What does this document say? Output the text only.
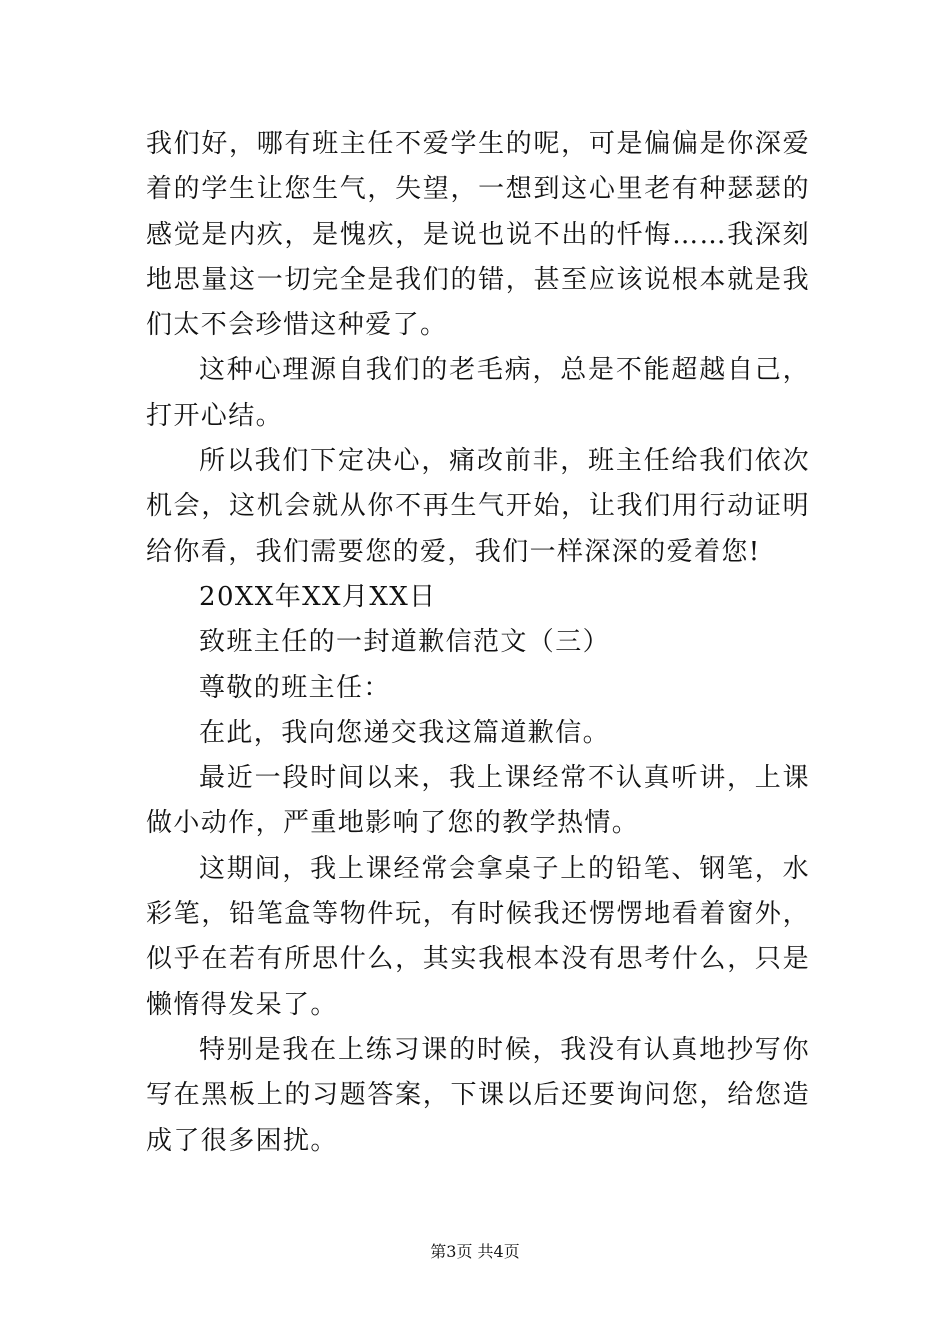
我们好，哪有班主任不爱学生的呢，可是偏偏是你深爱着的学生让您生气，失望，一想到这心里老有种瑟瑟的感觉是内疚，是愧疚，是说也说不出的忏悔……我深刻地思量这一切完全是我们的错，甚至应该说根本就是我们太不会珍惜这种爱了。

这种心理源自我们的老毛病，总是不能超越自己，打开心结。

所以我们下定决心，痛改前非，班主任给我们依次机会，这机会就从你不再生气开始，让我们用行动证明给你看，我们需要您的爱，我们一样深深的爱着您!

20XX年XX月XX日

致班主任的一封道歉信范文（三）

尊敬的班主任：

在此，我向您递交我这篇道歉信。

最近一段时间以来，我上课经常不认真听讲，上课做小动作，严重地影响了您的教学热情。

这期间，我上课经常会拿桌子上的铅笔、钢笔，水彩笔，铅笔盒等物件玩，有时候我还愣愣地看着窗外，似乎在若有所思什么，其实我根本没有思考什么，只是懒惰得发呆了。

特别是我在上练习课的时候，我没有认真地抄写你写在黑板上的习题答案，下课以后还要询问您，给您造成了很多困扰。

第3页 共4页
